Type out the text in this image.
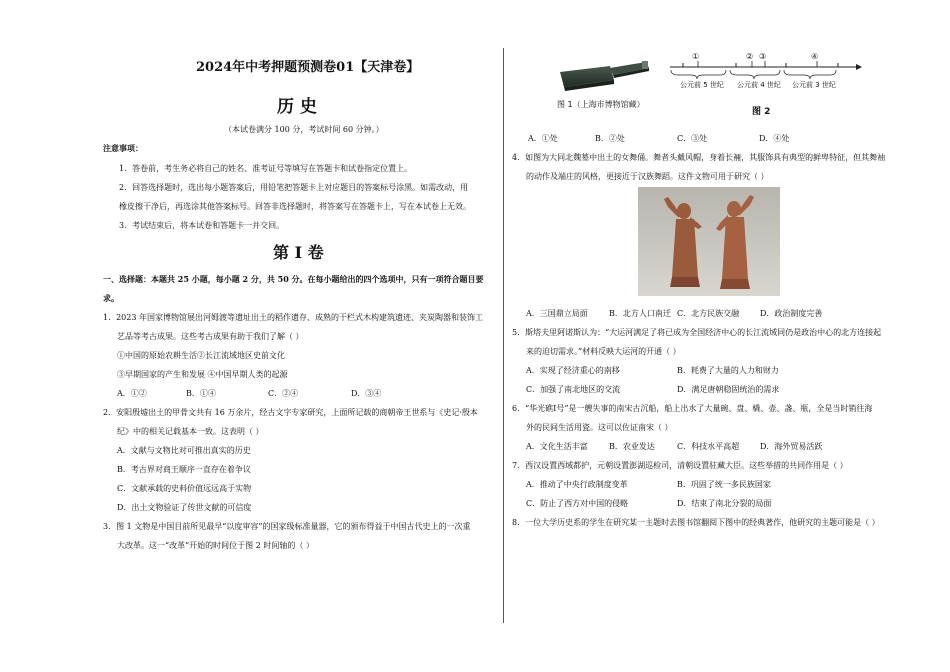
2024年中考押题预测卷01【天津卷】
历 史
（本试卷满分 100 分，考试时间 60 分钟。）
注意事项：
1．答卷前，考生务必将自己的姓名、准考证号等填写在答题卡和试卷指定位置上。
2．回答选择题时，选出每小题答案后，用铅笔把答题卡上对应题目的答案标号涂黑。如需改动，用
橡皮擦干净后，再选涂其他答案标号。回答非选择题时，将答案写在答题卡上，写在本试卷上无效。
3．考试结束后，将本试卷和答题卡一并交回。
第 I 卷
一、选择题：本题共 25 小题，每小题 2 分，共 50 分。在每小题给出的四个选项中，只有一项符合题目要
求。
1．2023 年国家博物馆展出河姆渡等遗址出土的稻作遗存、成熟的干栏式木构建筑遗迹、夹炭陶器和装饰工
艺品等考古成果。这些考古成果有助于我们了解（ ）
①中国的原始农耕生活②长江流域地区史前文化
③早期国家的产生和发展 ④中国早期人类的起源
A．①②	B．①④	C．②④	D．③④
2．安阳殷墟出土的甲骨文共有 16 万余片，经古文字专家研究，上面所记载的商朝帝王世系与《史记·殷本
纪》中的相关记载基本一致。这表明（ ）
A．文献与文物比对可推出真实的历史
B．考古界对商王顺序一直存在着争议
C．文献承载的史料价值远远高于实物
D．出土文物验证了传世文献的可信度
3．图 1 文物是中国目前所见最早“以度审容”的国家级标准量器，它的颁布得益于中国古代史上的一次重
大改革。这一“改革”开始的时间位于图 2 时间轴的（ ）
图 1（上海市博物馆藏）
①	② ③	④
公元前 5 世纪 公元前 4 世纪 公元前 3 世纪
图 2
A．①处	B．②处	C．③处	D．④处
4．如图为大同北魏墓中出土的女舞俑。舞者头戴风帽，身着长裲，其服饰具有典型的鲜卑特征，但其舞袖
的动作及端庄的风格，更接近于汉族舞蹈。这件文物可用于研究（ ）
A．三国鼎立局面	B．北方人口南迁 C．北方民族交融	D．政治制度完善
5．斯塔夫里阿诺斯认为：“大运河满足了将已成为全国经济中心的长江流域同仍是政治中心的北方连接起
来的迫切需求。”材料反映大运河的开通（ ）
A．实现了经济重心的南移	B．耗费了大量的人力和财力
C．加强了南北地区的交流	D．满足唐朝稳固统治的需求
6．“华光礁Ⅰ号”是一艘失事的南宋古沉船，船上出水了大量碗、盘、橇、壶、盏、瓶，全是当时销往海
外的民间生活用瓷。这可以佐证南宋（ ）
A．文化生活丰富	B．农业发达	C．科技水平高超	D．海外贸易活跃
7．西汉设置西域都护，元朝设置澎湖巡检司，清朝设置驻藏大臣。这些举措的共同作用是（ ）
A．推动了中央行政制度变革	B．巩固了统一多民族国家
C．防止了西方对中国的侵略	D．结束了南北分裂的局面
8．一位大学历史系的学生在研究某一主题时去图书馆翻阅下图中的经典著作，他研究的主题可能是（ ）
